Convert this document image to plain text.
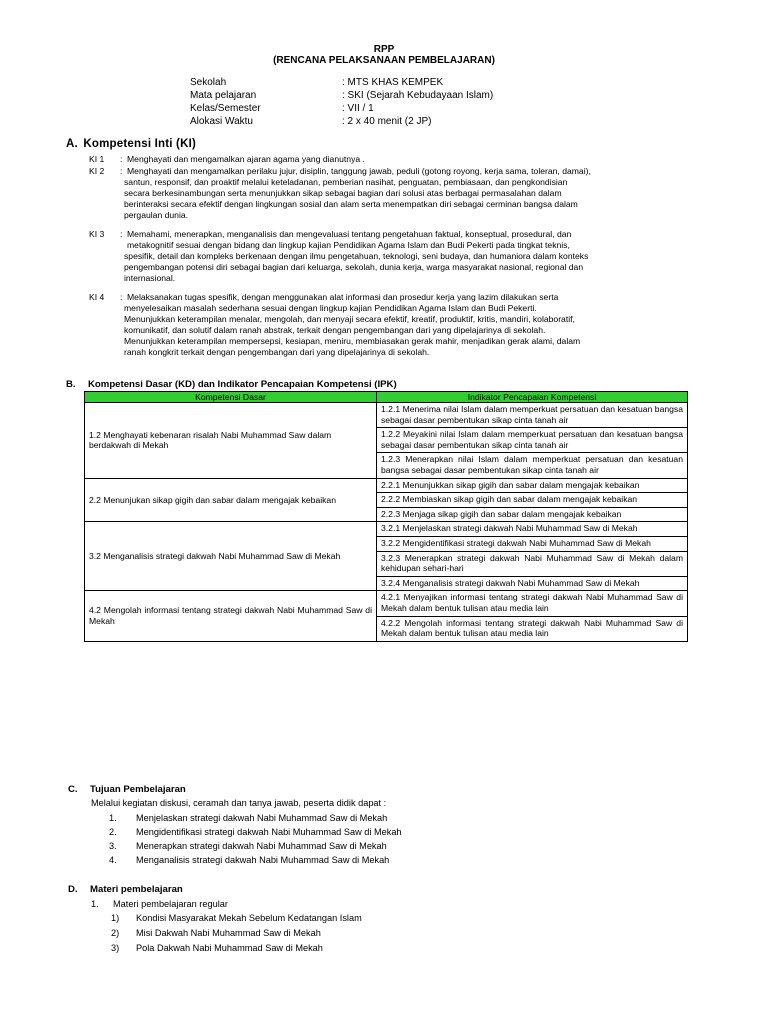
RPP
(RENCANA PELAKSANAAN PEMBELAJARAN)
Sekolah	: MTS KHAS KEMPEK
Mata pelajaran	: SKI (Sejarah Kebudayaan Islam)
Kelas/Semester	: VII / 1
Alokasi Waktu	: 2 x 40 menit (2 JP)
A. Kompetensi Inti (KI)
KI 1 : Menghayati dan mengamalkan ajaran agama yang dianutnya .
KI 2 : Menghayati dan mengamalkan perilaku jujur, disiplin, tanggung jawab, peduli (gotong royong, kerja sama, toleran, damai),
santun, responsif, dan proaktif melalui keteladanan, pemberian nasihat, penguatan, pembiasaan, dan pengkondisian
secara berkesinambungan serta menunjukkan sikap sebagai bagian dari solusi atas berbagai permasalahan dalam
berinteraksi secara efektif dengan lingkungan sosial dan alam serta menempatkan diri sebagai cerminan bangsa dalam
pergaulan dunia.
KI 3 : Memahami, menerapkan, menganalisis dan mengevaluasi tentang pengetahuan faktual, konseptual, prosedural, dan
metakognitif sesuai dengan bidang dan lingkup kajian Pendidikan Agama Islam dan Budi Pekerti pada tingkat teknis,
spesifik, detail dan kompleks berkenaan dengan ilmu pengetahuan, teknologi, seni budaya, dan humaniora dalam konteks
pengembangan potensi diri sebagai bagian dari keluarga, sekolah, dunia kerja, warga masyarakat nasional, regional dan
internasional.
KI 4 : Melaksanakan tugas spesifik, dengan menggunakan alat informasi dan prosedur kerja yang lazim dilakukan serta
menyelesaikan masalah sederhana sesuai dengan lingkup kajian Pendidikan Agama Islam dan Budi Pekerti.
Menunjukkan keterampilan menalar, mengolah, dan menyaji secara efektif, kreatif, produktif, kritis, mandiri, kolaboratif,
komunikatif, dan solutif dalam ranah abstrak, terkait dengan pengembangan dari yang dipelajarinya di sekolah.
Menunjukkan keterampilan mempersepsi, kesiapan, meniru, membiasakan gerak mahir, menjadikan gerak alami, dalam
ranah kongkrit terkait dengan pengembangan dari yang dipelajarinya di sekolah.
B. Kompetensi Dasar (KD) dan Indikator Pencapaian Kompetensi (IPK)
Kompetensi Dasar	Indikator Pencapaian Kompetensi
1.2 Menghayati kebenaran risalah Nabi Muhammad Saw dalam berdakwah di Mekah	1.2.1 Menerima nilai Islam dalam memperkuat persatuan dan kesatuan bangsa sebagai dasar pembentukan sikap cinta tanah air
	1.2.2 Meyakini nilai Islam dalam memperkuat persatuan dan kesatuan bangsa sebagai dasar pembentukan sikap cinta tanah air
	1.2.3 Menerapkan nilai Islam dalam memperkuat persatuan dan kesatuan bangsa sebagai dasar pembentukan sikap cinta tanah air
2.2 Menunjukan sikap gigih dan sabar dalam mengajak kebaikan	2.2.1 Menunjukkan sikap gigih dan sabar dalam mengajak kebaikan
	2.2.2 Membiaskan sikap gigih dan sabar dalam mengajak kebaikan
	2.2.3 Menjaga sikap gigih dan sabar dalam mengajak kebaikan
3.2 Menganalisis strategi dakwah Nabi Muhammad Saw di Mekah	3.2.1 Menjelaskan strategi dakwah Nabi Muhammad Saw di Mekah
	3.2.2 Mengidentifikasi strategi dakwah Nabi Muhammad Saw di Mekah
	3.2.3 Menerapkan strategi dakwah Nabi Muhammad Saw di Mekah dalam kehidupan sehari-hari
	3.2.4 Menganalisis strategi dakwah Nabi Muhammad Saw di Mekah
4.2 Mengolah informasi tentang strategi dakwah Nabi Muhammad Saw di Mekah	4.2.1 Menyajikan informasi tentang strategi dakwah Nabi Muhammad Saw di Mekah dalam bentuk tulisan atau media lain
	4.2.2 Mengolah informasi tentang strategi dakwah Nabi Muhammad Saw di Mekah dalam bentuk tulisan atau media lain
C. Tujuan Pembelajaran
Melalui kegiatan diskusi, ceramah dan tanya jawab, peserta didik dapat :
1. Menjelaskan strategi dakwah Nabi Muhammad Saw di Mekah
2. Mengidentifikasi strategi dakwah Nabi Muhammad Saw di Mekah
3. Menerapkan strategi dakwah Nabi Muhammad Saw di Mekah
4. Menganalisis strategi dakwah Nabi Muhammad Saw di Mekah
D. Materi pembelajaran
1. Materi pembelajaran regular
1) Kondisi Masyarakat Mekah Sebelum Kedatangan Islam
2) Misi Dakwah Nabi Muhammad Saw di Mekah
3) Pola Dakwah Nabi Muhammad Saw di Mekah
